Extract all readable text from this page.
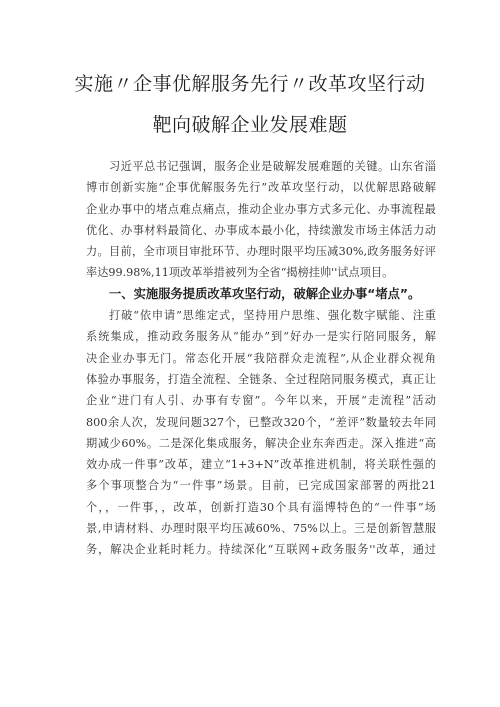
实施〃企事优解服务先行〃改革攻坚行动
靶向破解企业发展难题
习近平总书记强调，服务企业是破解发展难题的关键。山东省淄
博市创新实施“企事优解服务先行”改革攻坚行动，以优解思路破解
企业办事中的堵点难点痛点，推动企业办事方式多元化、办事流程最
优化、办事材料最简化、办事成本最小化，持续激发市场主体活力动
力。目前，全市项目审批环节、办理时限平均压减30%,政务服务好评
率达99.98%,11项改革举措被列为全省“揭榜挂帅''试点项目。
一、实施服务提质改革攻坚行动，破解企业办事“堵点”。
打破“依申请”思维定式，坚持用户思维、强化数字赋能、注重
系统集成，推动政务服务从“能办”到“好办一是实行陪同服务，解
决企业办事无门。常态化开展“我陪群众走流程”,从企业群众视角
体验办事服务，打造全流程、全链条、全过程陪同服务模式，真正让
企业“进门有人引、办事有专窗”。今年以来，开展“走流程”活动
800余人次，发现问题327个，已整改320个，“差评”数量较去年同
期减少60%。二是深化集成服务，解决企业东奔西走。深入推进“高
效办成一件事”改革，建立“1+3+N”改革推进机制，将关联性强的
多个事项整合为“一件事”场景。目前，已完成国家部署的两批21
个，，一件事，，改革，创新打造30个具有淄博特色的“一件事”场
景,申请材料、办理时限平均压减60%、75%以上。三是创新智慧服
务，解决企业耗时耗力。持续深化“互联网+政务服务''改革，通过
